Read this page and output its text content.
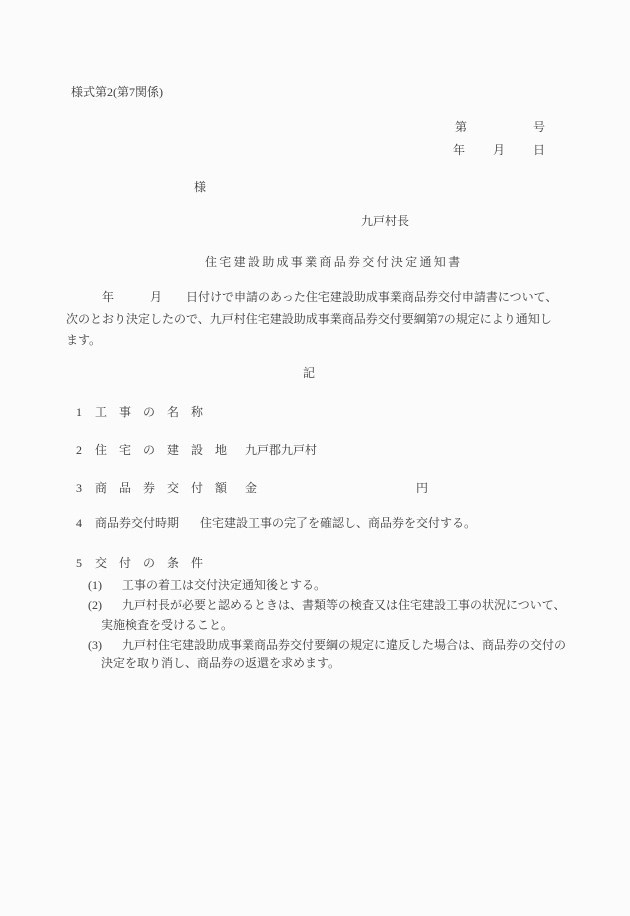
様式第2(第7関係)
第	号
年 月 日
様
九戸村長
住宅建設助成事業商品券交付決定通知書
　　　年　　　月　　日付けで申請のあった住宅建設助成事業商品券交付申請書について、
次のとおり決定したので、九戸村住宅建設助成事業商品券交付要綱第7の規定により通知し
ます。
記
1 工　事　の　名　称
2 住　宅　の　建　設　地 九戸郡九戸村
3 商　品　券　交　付　額 金	円
4 商品券交付時期 住宅建設工事の完了を確認し、商品券を交付する。
5 交　付　の　条　件
(1) 工事の着工は交付決定通知後とする。
(2) 九戸村長が必要と認めるときは、書類等の検査又は住宅建設工事の状況について、
実施検査を受けること。
(3) 九戸村住宅建設助成事業商品券交付要綱の規定に違反した場合は、商品券の交付の
決定を取り消し、商品券の返還を求めます。
